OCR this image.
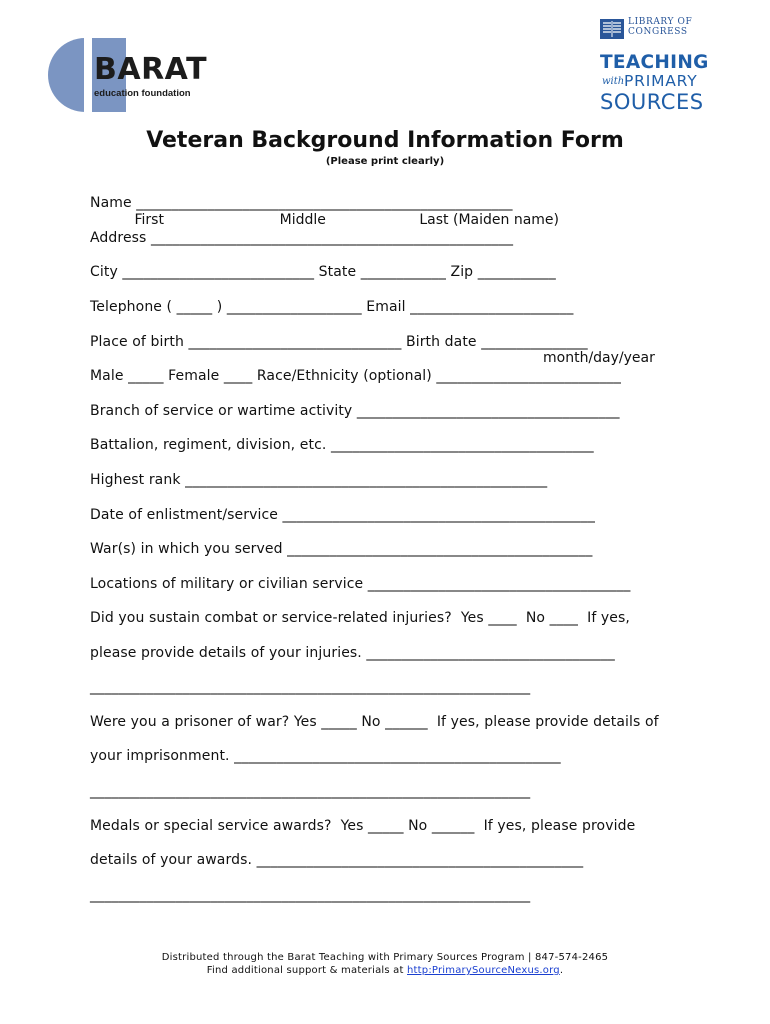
BARAT
education foundation
LIBRARY OF
CONGRESS
TEACHING
with PRIMARY
SOURCES
Veteran Background Information Form
(Please print clearly)
Name _____________________________________________________
First                          Middle                     Last (Maiden name)
Address ___________________________________________________
City ___________________________ State ____________ Zip ___________
Telephone ( _____ ) ___________________ Email _______________________
Place of birth ______________________________ Birth date _______________
month/day/year
Male _____ Female ____ Race/Ethnicity (optional) __________________________
Branch of service or wartime activity _____________________________________
Battalion, regiment, division, etc. _____________________________________
Highest rank ___________________________________________________
Date of enlistment/service ____________________________________________
War(s) in which you served ___________________________________________
Locations of military or civilian service _____________________________________
Did you sustain combat or service-related injuries?  Yes ____  No ____  If yes,
please provide details of your injuries. ___________________________________
______________________________________________________________
Were you a prisoner of war? Yes _____ No ______  If yes, please provide details of
your imprisonment. ______________________________________________
______________________________________________________________
Medals or special service awards?  Yes _____ No ______  If yes, please provide
details of your awards. ______________________________________________
______________________________________________________________
Distributed through the Barat Teaching with Primary Sources Program | 847-574-2465
Find additional support & materials at http:PrimarySourceNexus.org.
